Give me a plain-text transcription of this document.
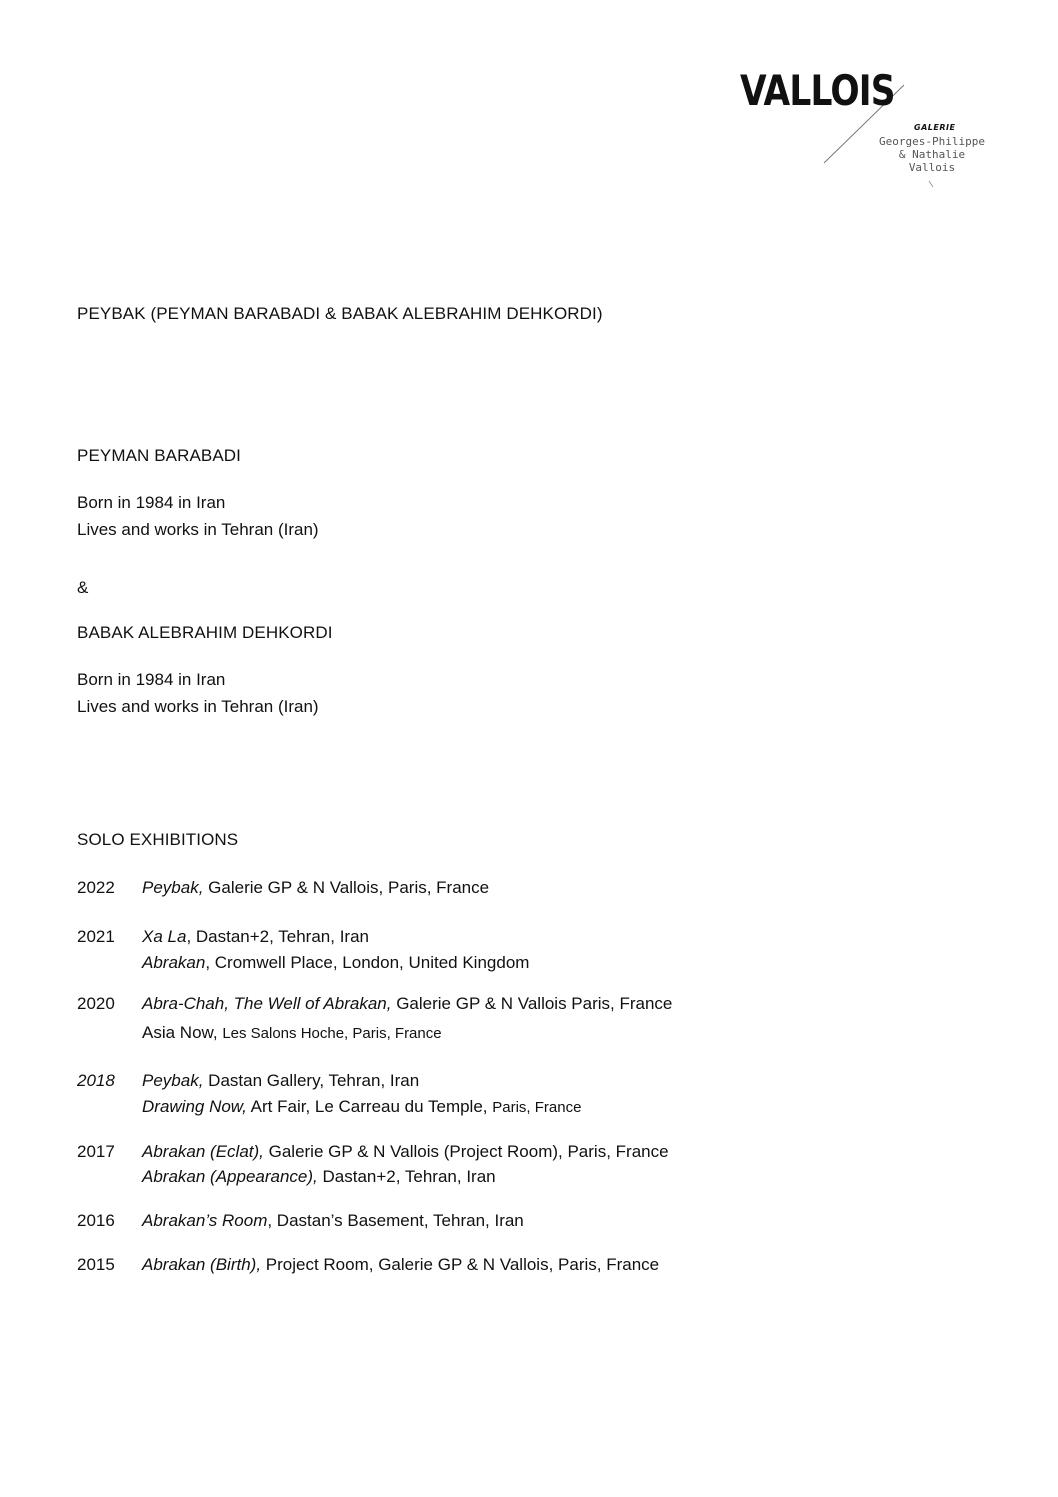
VALLOIS
GALERIE
Georges-Philippe
& Nathalie
Vallois
PEYBAK (PEYMAN BARABADI & BABAK ALEBRAHIM DEHKORDI)
PEYMAN BARABADI
Born in 1984 in Iran
Lives and works in Tehran (Iran)
&
BABAK ALEBRAHIM DEHKORDI
Born in 1984 in Iran
Lives and works in Tehran (Iran)
SOLO EXHIBITIONS
2022 Peybak, Galerie GP & N Vallois, Paris, France
2021 Xa La, Dastan+2, Tehran, Iran
Abrakan, Cromwell Place, London, United Kingdom
2020 Abra-Chah, The Well of Abrakan, Galerie GP & N Vallois Paris, France
Asia Now, Les Salons Hoche, Paris, France
2018 Peybak, Dastan Gallery, Tehran, Iran
Drawing Now, Art Fair, Le Carreau du Temple, Paris, France
2017 Abrakan (Eclat), Galerie GP & N Vallois (Project Room), Paris, France
Abrakan (Appearance), Dastan+2, Tehran, Iran
2016 Abrakan’s Room, Dastan’s Basement, Tehran, Iran
2015 Abrakan (Birth), Project Room, Galerie GP & N Vallois, Paris, France
